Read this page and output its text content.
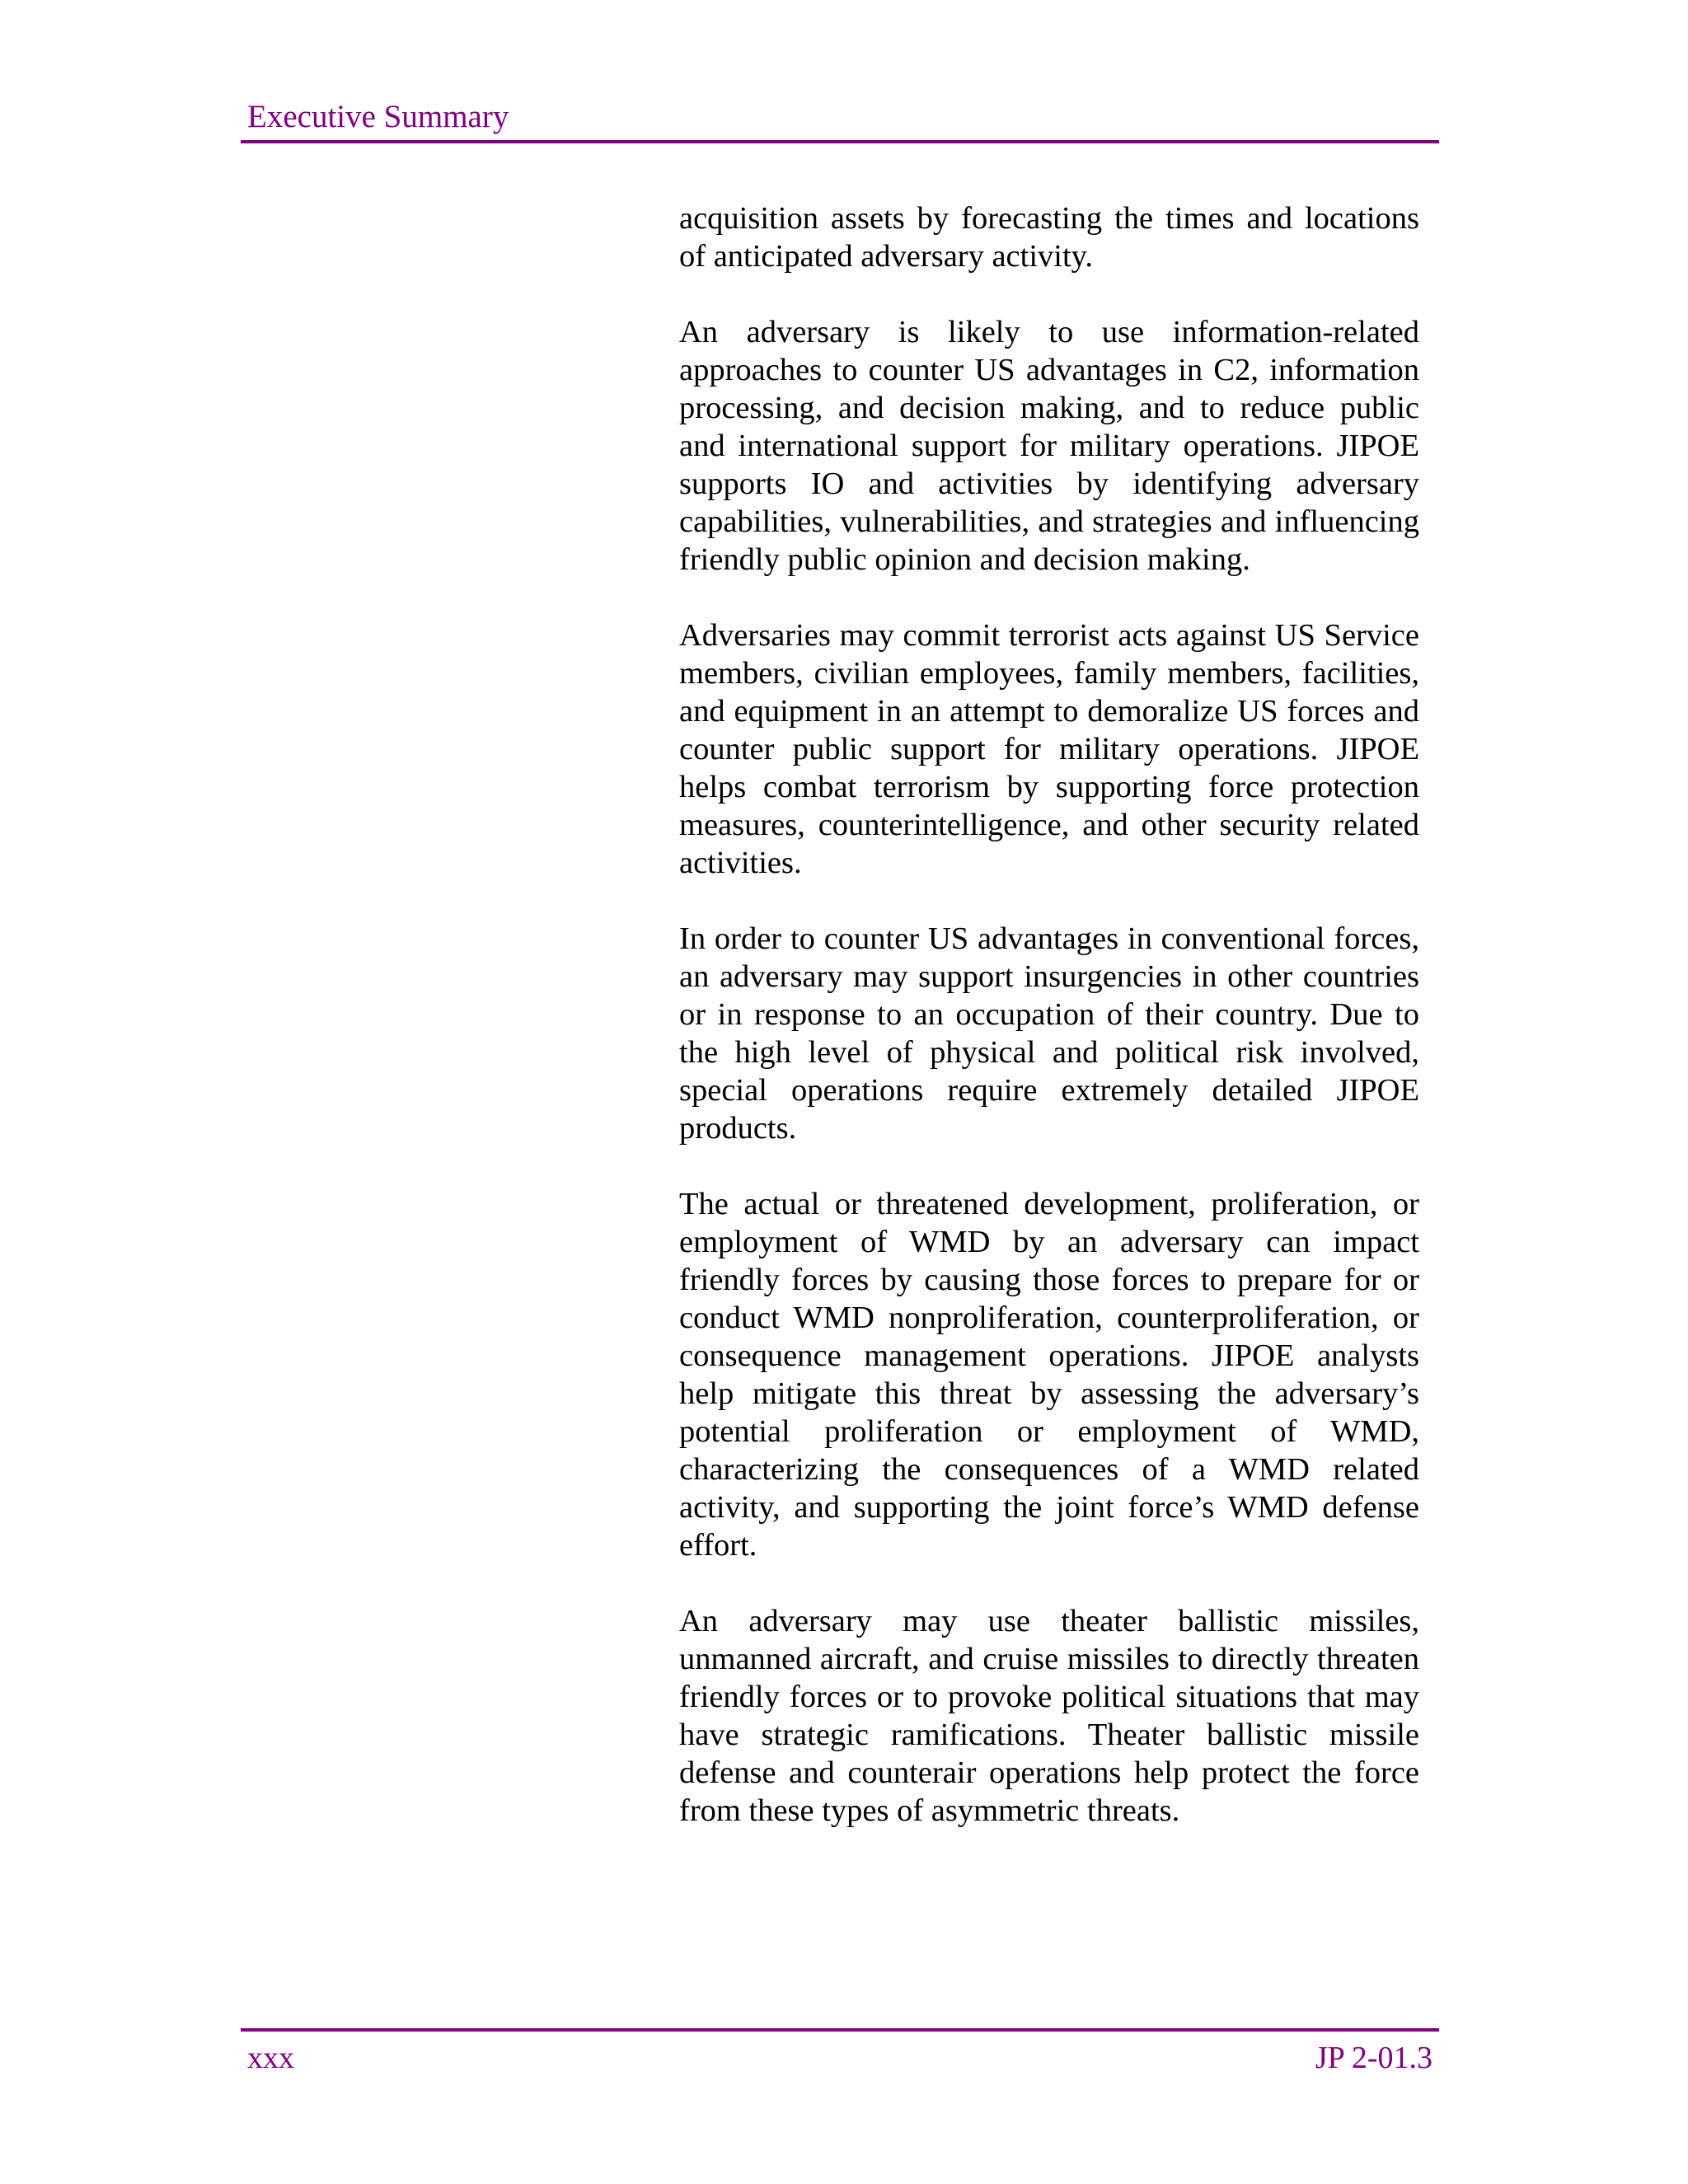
Executive Summary

acquisition assets by forecasting the times and locations of anticipated adversary activity.

An adversary is likely to use information-related approaches to counter US advantages in C2, information processing, and decision making, and to reduce public and international support for military operations. JIPOE supports IO and activities by identifying adversary capabilities, vulnerabilities, and strategies and influencing friendly public opinion and decision making.

Adversaries may commit terrorist acts against US Service members, civilian employees, family members, facilities, and equipment in an attempt to demoralize US forces and counter public support for military operations. JIPOE helps combat terrorism by supporting force protection measures, counterintelligence, and other security related activities.

In order to counter US advantages in conventional forces, an adversary may support insurgencies in other countries or in response to an occupation of their country. Due to the high level of physical and political risk involved, special operations require extremely detailed JIPOE products.

The actual or threatened development, proliferation, or employment of WMD by an adversary can impact friendly forces by causing those forces to prepare for or conduct WMD nonproliferation, counterproliferation, or consequence management operations. JIPOE analysts help mitigate this threat by assessing the adversary’s potential proliferation or employment of WMD, characterizing the consequences of a WMD related activity, and supporting the joint force’s WMD defense effort.

An adversary may use theater ballistic missiles, unmanned aircraft, and cruise missiles to directly threaten friendly forces or to provoke political situations that may have strategic ramifications. Theater ballistic missile defense and counterair operations help protect the force from these types of asymmetric threats.

xxx	JP 2-01.3
